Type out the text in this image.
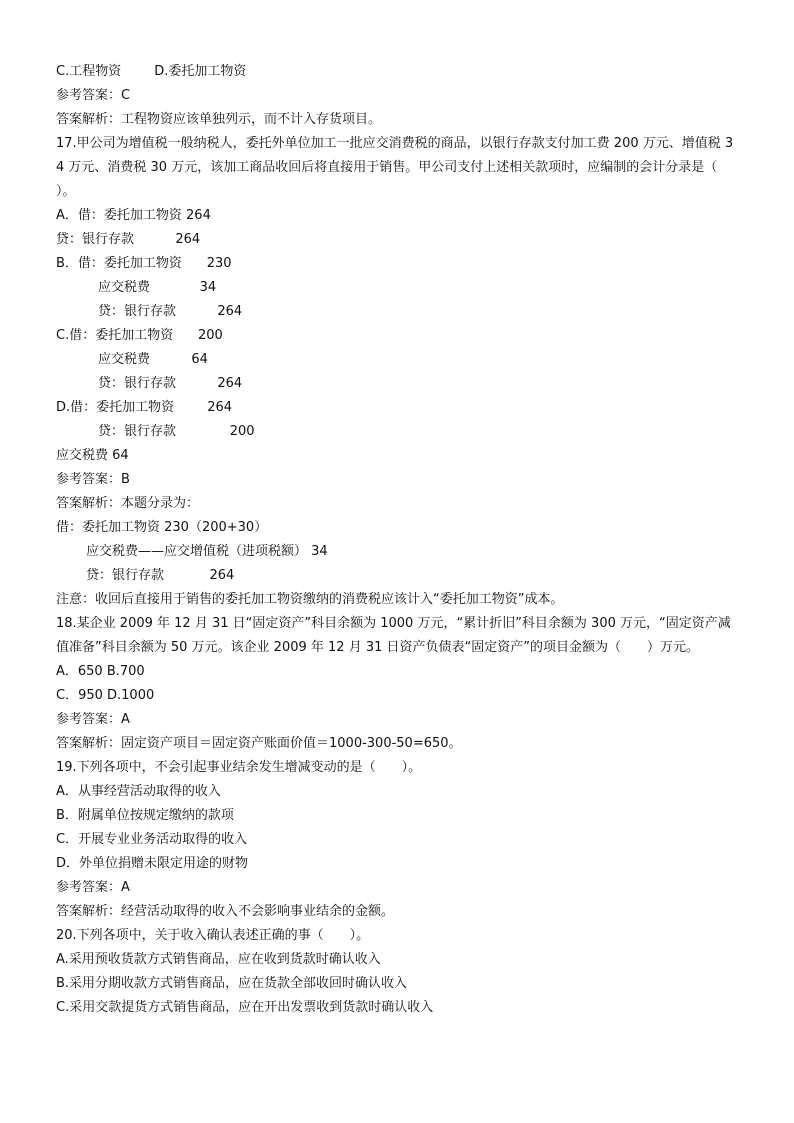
C.工程物资        D.委托加工物资
参考答案：C
答案解析：工程物资应该单独列示，而不计入存货项目。
17.甲公司为增值税一般纳税人，委托外单位加工一批应交消费税的商品，以银行存款支付加工费 200 万元、增值税 34 万元、消费税 30 万元，该加工商品收回后将直接用于销售。甲公司支付上述相关款项时，应编制的会计分录是（　　）。
A．借：委托加工物资 264
贷：银行存款          264
B．借：委托加工物资      230
应交税费            34
贷：银行存款          264
C.借：委托加工物资      200
应交税费          64
贷：银行存款          264
D.借：委托加工物资        264
贷：银行存款             200
应交税费 64
参考答案：B
答案解析：本题分录为：
借：委托加工物资 230（200+30）
应交税费——应交增值税（进项税额） 34
贷：银行存款           264
注意：收回后直接用于销售的委托加工物资缴纳的消费税应该计入“委托加工物资”成本。
18.某企业 2009 年 12 月 31 日“固定资产”科目余额为 1000 万元，“累计折旧”科目余额为 300 万元，“固定资产减值准备”科目余额为 50 万元。该企业 2009 年 12 月 31 日资产负债表“固定资产”的项目金额为（　　）万元。
A．650 B.700
C．950 D.1000
参考答案：A
答案解析：固定资产项目＝固定资产账面价值＝1000-300-50=650。
19.下列各项中，不会引起事业结余发生增减变动的是（　　）。
A．从事经营活动取得的收入
B．附属单位按规定缴纳的款项
C．开展专业业务活动取得的收入
D．外单位捐赠未限定用途的财物
参考答案：A
答案解析：经营活动取得的收入不会影响事业结余的金额。
20.下列各项中，关于收入确认表述正确的事（　　）。
A.采用预收货款方式销售商品，应在收到货款时确认收入
B.采用分期收款方式销售商品，应在货款全部收回时确认收入
C.采用交款提货方式销售商品，应在开出发票收到货款时确认收入
